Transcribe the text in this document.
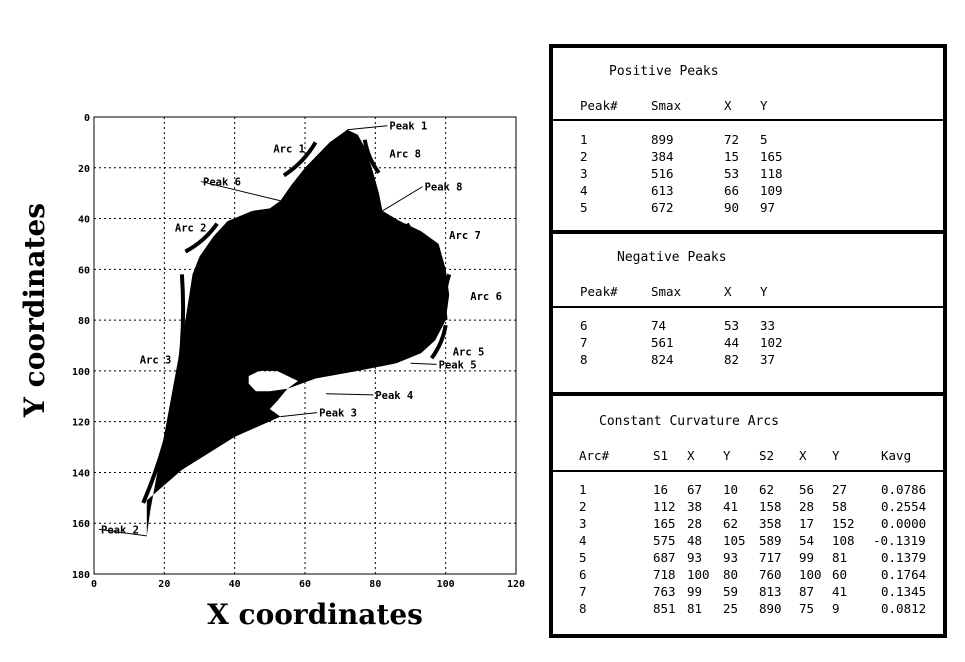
Arc 1
Arc 2
Arc 3
Arc 4
Arc 5
Arc 6
Arc 7
Arc 8
Peak 1
Peak 2
Peak 3
Peak 4
Peak 5
Peak 6
Peak 7
Peak 8
0	20	40	60	80	100	120
0
20
40
60
80
100
120
140
160
180
Y coordinates
X coordinates
Positive Peaks
Peak#	Smax	X Y
1	899	72 5
2	384	15 165
3	516	53 118
4	613	66 109
5	672	90 97
Negative Peaks
Peak#	Smax	X Y
6	74	53 33
7	561	44 102
8	824	82 37
Constant Curvature Arcs
Arc#	S1 X Y S2 X Y	Kavg
1	16 67 10 62 56 27	0.0786
2	112 38 41 158 28 58	0.2554
3	165 28 62 358 17 152 0.0000
4	575 48 105 589 54 108 -0.1319
5	687 93 93 717 99 81	0.1379
6	718 100 80 760 100 60	0.1764
7	763 99 59 813 87 41	0.1345
8	851 81 25 890 75 9	0.0812
